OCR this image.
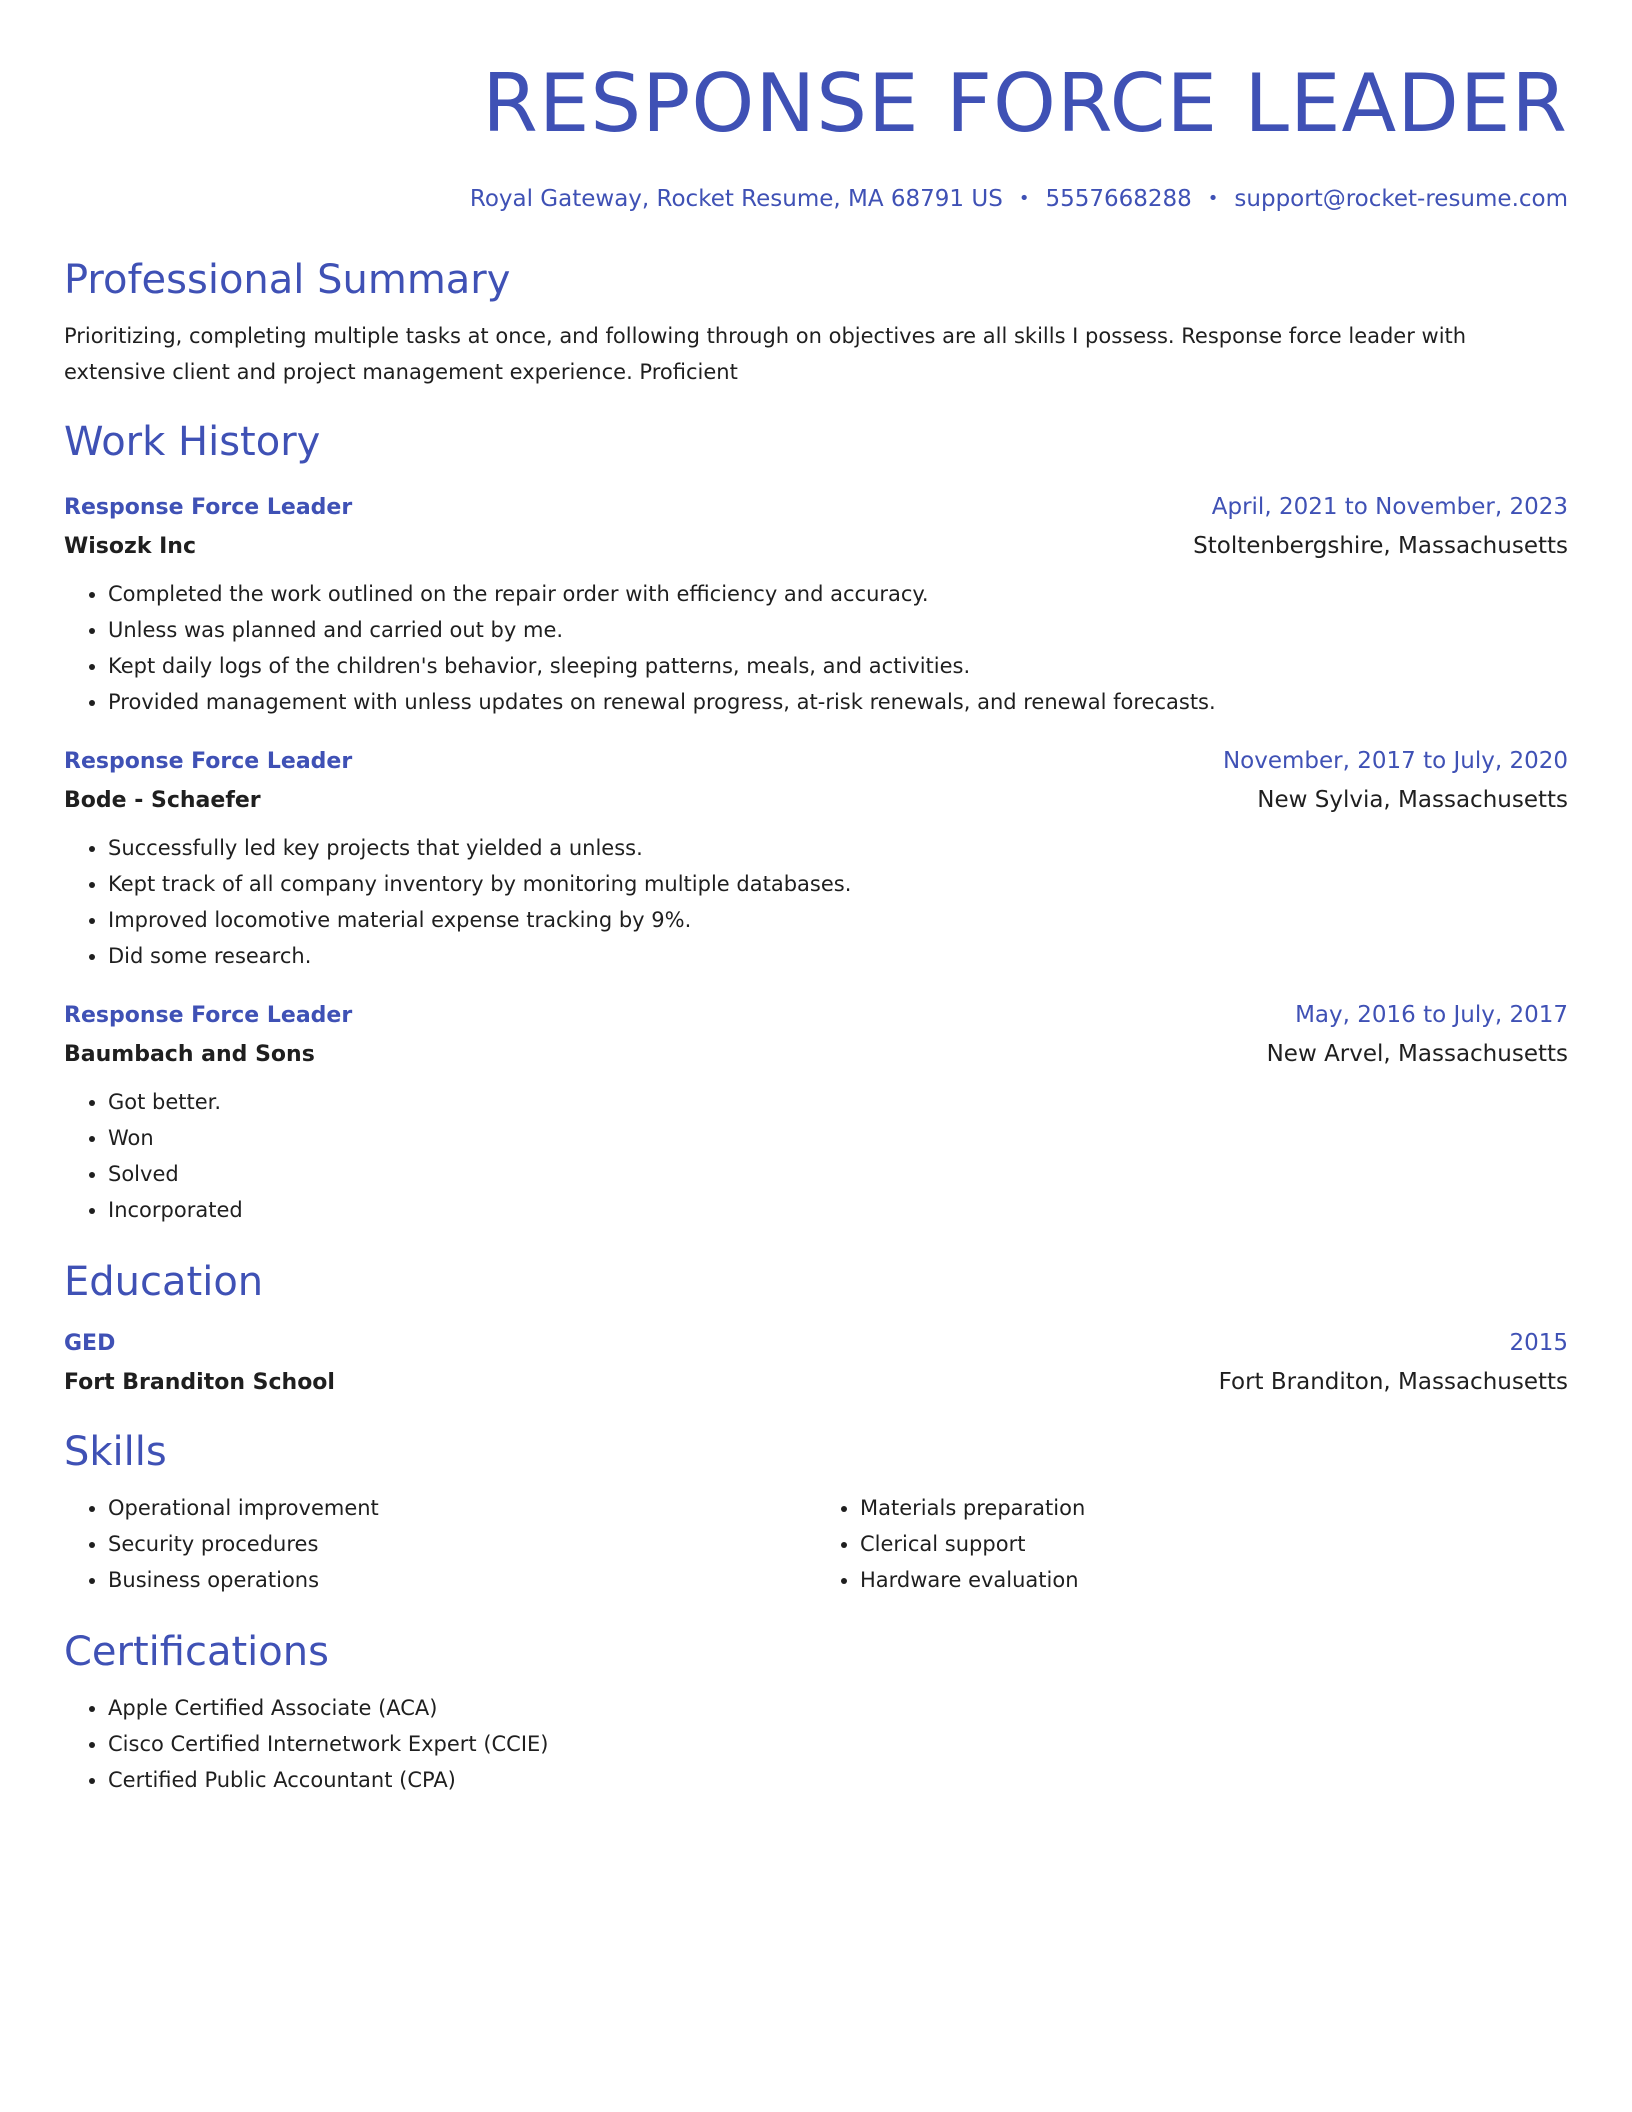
RESPONSE FORCE LEADER
Royal Gateway, Rocket Resume, MA 68791 US • 5557668288 • support@rocket-resume.com
Professional Summary
Prioritizing, completing multiple tasks at once, and following through on objectives are all skills I possess. Response force leader with extensive client and project management experience. Proficient
Work History
Response Force Leader	April, 2021 to November, 2023
Wisozk Inc	Stoltenbergshire, Massachusetts
• Completed the work outlined on the repair order with efficiency and accuracy.
• Unless was planned and carried out by me.
• Kept daily logs of the children's behavior, sleeping patterns, meals, and activities.
• Provided management with unless updates on renewal progress, at-risk renewals, and renewal forecasts.
Response Force Leader	November, 2017 to July, 2020
Bode - Schaefer	New Sylvia, Massachusetts
• Successfully led key projects that yielded a unless.
• Kept track of all company inventory by monitoring multiple databases.
• Improved locomotive material expense tracking by 9%.
• Did some research.
Response Force Leader	May, 2016 to July, 2017
Baumbach and Sons	New Arvel, Massachusetts
• Got better.
• Won
• Solved
• Incorporated
Education
GED	2015
Fort Branditon School	Fort Branditon, Massachusetts
Skills
• Operational improvement
• Security procedures
• Business operations
• Materials preparation
• Clerical support
• Hardware evaluation
Certifications
• Apple Certified Associate (ACA)
• Cisco Certified Internetwork Expert (CCIE)
• Certified Public Accountant (CPA)
